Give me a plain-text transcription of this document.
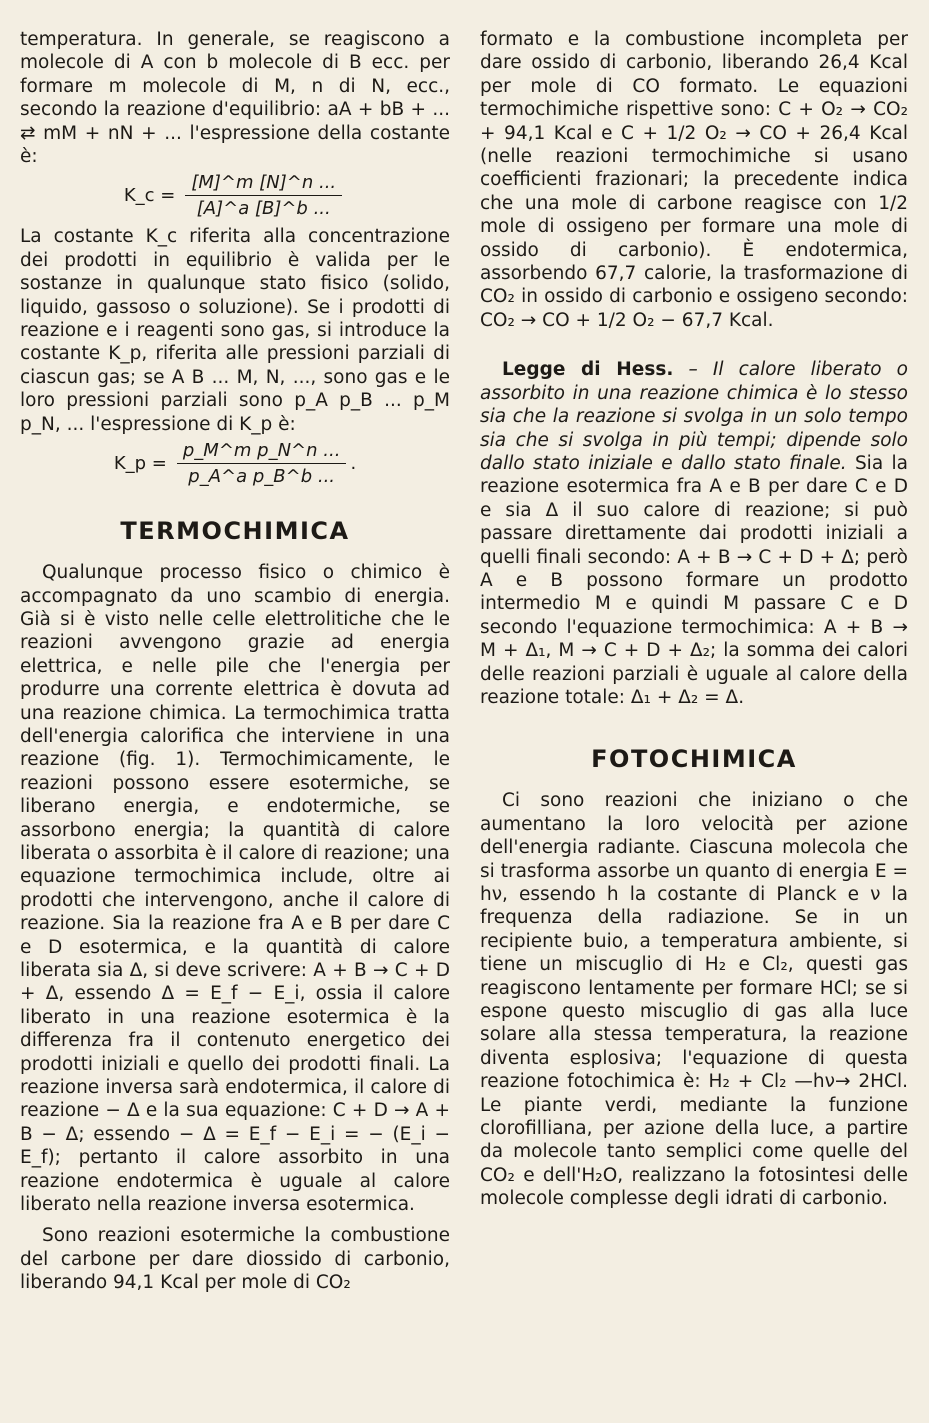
temperatura. In generale, se reagiscono a molecole di A con b molecole di B ecc. per formare m molecole di M, n di N, ecc., secondo la reazione d'equilibrio: aA + bB + ... ⇄ mM + nN + ... l'espressione della costante è:

K_c = $\frac{[M]\^{}m [N]\^{}n ...}{[A]\^{}a [B]\^{}b ...}$

La costante K_c riferita alla concentrazione dei prodotti in equilibrio è valida per le sostanze in qualunque stato fisico (solido, liquido, gassoso o soluzione). Se i prodotti di reazione e i reagenti sono gas, si introduce la costante K_p, riferita alle pressioni parziali di ciascun gas; se A B ... M, N, ..., sono gas e le loro pressioni parziali sono p_A p_B ... p_M p_N, ... l'espressione di K_p è:

K_p = $\frac{\text{p\_M\textasciicircum{}m p\_N\textasciicircum{}n ...}}{\text{p\_A\textasciicircum{}a p\_B\textasciicircum{}b ...}}$ .
TERMOCHIMICA

Qualunque processo fisico o chimico è accompagnato da uno scambio di energia. Già si è visto nelle celle elettrolitiche che le reazioni avvengono grazie ad energia elettrica, e nelle pile che l'energia per produrre una corrente elettrica è dovuta ad una reazione chimica. La termochimica tratta dell'energia calorifica che interviene in una reazione (fig. 1). Termochimicamente, le reazioni possono essere esotermiche, se liberano energia, e endotermiche, se assorbono energia; la quantità di calore liberata o assorbita è il calore di reazione; una equazione termochimica include, oltre ai prodotti che intervengono, anche il calore di reazione. Sia la reazione fra A e B per dare C e D esotermica, e la quantità di calore liberata sia Δ, si deve scrivere: A + B → C + D + Δ, essendo Δ = E_f − E_i, ossia il calore liberato in una reazione esotermica è la differenza fra il contenuto energetico dei prodotti iniziali e quello dei prodotti finali. La reazione inversa sarà endotermica, il calore di reazione − Δ e la sua equazione: C + D → A + B − Δ; essendo − Δ = E_f − E_i = − (E_i − E_f); pertanto il calore assorbito in una reazione endotermica è uguale al calore liberato nella reazione inversa esotermica.

Sono reazioni esotermiche la combustione del carbone per dare diossido di carbonio, liberando 94,1 Kcal per mole di CO₂

formato e la combustione incompleta per dare ossido di carbonio, liberando 26,4 Kcal per mole di CO formato. Le equazioni termochimiche rispettive sono: C + O₂ → CO₂ + 94,1 Kcal e C + 1/2 O₂ → CO + 26,4 Kcal (nelle reazioni termochimiche si usano coefficienti frazionari; la precedente indica che una mole di carbone reagisce con 1/2 mole di ossigeno per formare una mole di ossido di carbonio). È endotermica, assorbendo 67,7 calorie, la trasformazione di CO₂ in ossido di carbonio e ossigeno secondo: CO₂ → CO + 1/2 O₂ − 67,7 Kcal.

Legge di Hess. – Il calore liberato o assorbito in una reazione chimica è lo stesso sia che la reazione si svolga in un solo tempo sia che si svolga in più tempi; dipende solo dallo stato iniziale e dallo stato finale. Sia la reazione esotermica fra A e B per dare C e D e sia Δ il suo calore di reazione; si può passare direttamente dai prodotti iniziali a quelli finali secondo: A + B → C + D + Δ; però A e B possono formare un prodotto intermedio M e quindi M passare C e D secondo l'equazione termochimica: A + B → M + Δ₁, M → C + D + Δ₂; la somma dei calori delle reazioni parziali è uguale al calore della reazione totale: Δ₁ + Δ₂ = Δ.

FOTOCHIMICA

Ci sono reazioni che iniziano o che aumentano la loro velocità per azione dell'energia radiante. Ciascuna molecola che si trasforma assorbe un quanto di energia E = hν, essendo h la costante di Planck e ν la frequenza della radiazione. Se in un recipiente buio, a temperatura ambiente, si tiene un miscuglio di H₂ e Cl₂, questi gas reagiscono lentamente per formare HCl; se si espone questo miscuglio di gas alla luce solare alla stessa temperatura, la reazione diventa esplosiva; l'equazione di questa reazione fotochimica è: H₂ + Cl₂ —hν→ 2HCl. Le piante verdi, mediante la funzione clorofilliana, per azione della luce, a partire da molecole tanto semplici come quelle del CO₂ e dell'H₂O, realizzano la fotosintesi delle molecole complesse degli idrati di carbonio.
